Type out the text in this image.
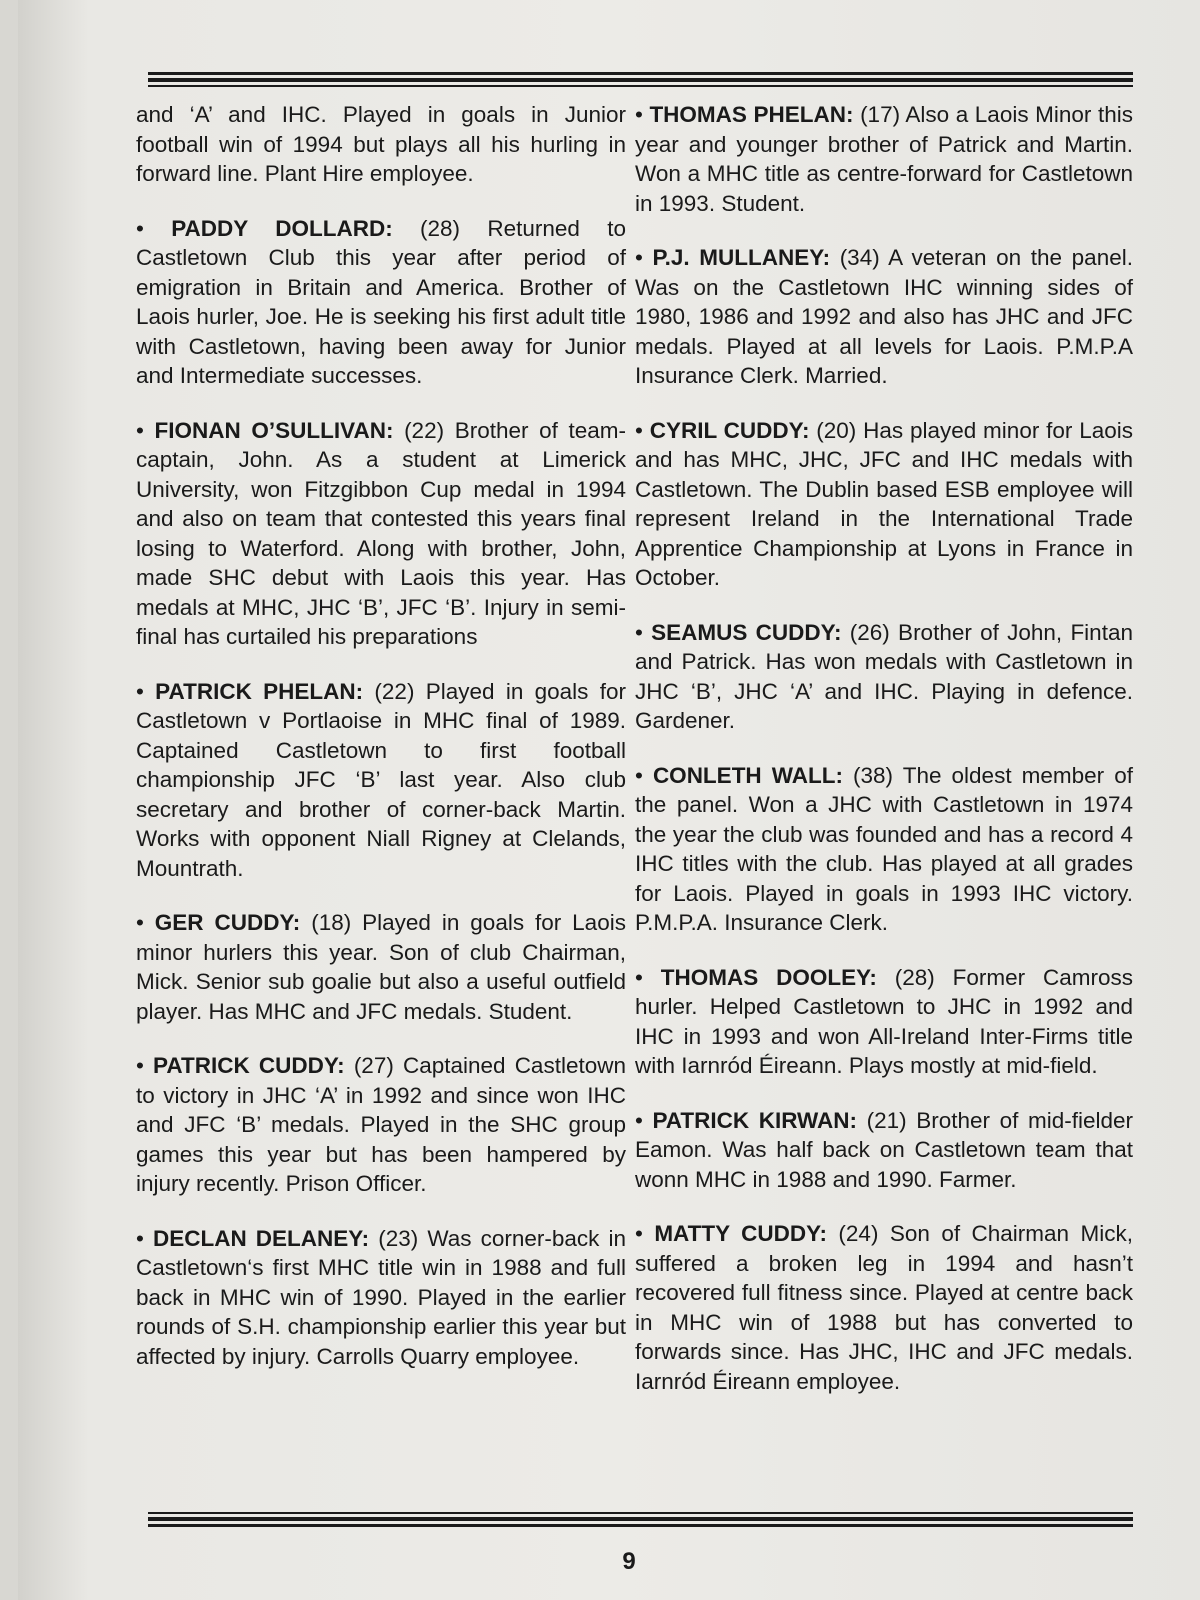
and ‘A’ and IHC. Played in goals in Junior football win of 1994 but plays all his hurling in forward line. Plant Hire employee.

• PADDY DOLLARD: (28) Returned to Castletown Club this year after period of emigration in Britain and America. Brother of Laois hurler, Joe. He is seeking his first adult title with Castletown, having been away for Junior and Intermediate successes.

• FIONAN O’SULLIVAN: (22) Brother of team-captain, John. As a student at Limerick University, won Fitzgibbon Cup medal in 1994 and also on team that contested this years final losing to Waterford. Along with brother, John, made SHC debut with Laois this year. Has medals at MHC, JHC ‘B’, JFC ‘B’. Injury in semi-final has curtailed his preparations

• PATRICK PHELAN: (22) Played in goals for Castletown v Portlaoise in MHC final of 1989. Captained Castletown to first football championship JFC ‘B’ last year. Also club secretary and brother of corner-back Martin. Works with opponent Niall Rigney at Clelands, Mountrath.

• GER CUDDY: (18) Played in goals for Laois minor hurlers this year. Son of club Chairman, Mick. Senior sub goalie but also a useful outfield player. Has MHC and JFC medals. Student.

• PATRICK CUDDY: (27) Captained Castletown to victory in JHC ‘A’ in 1992 and since won IHC and JFC ‘B’ medals. Played in the SHC group games this year but has been hampered by injury recently. Prison Officer.

• DECLAN DELANEY: (23) Was corner-back in Castletown‘s first MHC title win in 1988 and full back in MHC win of 1990. Played in the earlier rounds of S.H. championship earlier this year but affected by injury. Carrolls Quarry employee.

• THOMAS PHELAN: (17) Also a Laois Minor this year and younger brother of Patrick and Martin. Won a MHC title as centre-forward for Castletown in 1993. Student.

• P.J. MULLANEY: (34) A veteran on the panel. Was on the Castletown IHC winning sides of 1980, 1986 and 1992 and also has JHC and JFC medals. Played at all levels for Laois. P.M.P.A Insurance Clerk. Married.

• CYRIL CUDDY: (20) Has played minor for Laois and has MHC, JHC, JFC and IHC medals with Castletown. The Dublin based ESB employee will represent Ireland in the International Trade Apprentice Championship at Lyons in France in October.

• SEAMUS CUDDY: (26) Brother of John, Fintan and Patrick. Has won medals with Castletown in JHC ‘B’, JHC ‘A’ and IHC. Playing in defence. Gardener.

• CONLETH WALL: (38) The oldest member of the panel. Won a JHC with Castletown in 1974 the year the club was founded and has a record 4 IHC titles with the club. Has played at all grades for Laois. Played in goals in 1993 IHC victory. P.M.P.A. Insurance Clerk.

• THOMAS DOOLEY: (28) Former Camross hurler. Helped Castletown to JHC in 1992 and IHC in 1993 and won All-Ireland Inter-Firms title with Iarnród Éireann. Plays mostly at mid-field.

• PATRICK KIRWAN: (21) Brother of mid-fielder Eamon. Was half back on Castletown team that wonn MHC in 1988 and 1990. Farmer.

• MATTY CUDDY: (24) Son of Chairman Mick, suffered a broken leg in 1994 and hasn’t recovered full fitness since. Played at centre back in MHC win of 1988 but has converted to forwards since. Has JHC, IHC and JFC medals. Iarnród Éireann employee.

9
